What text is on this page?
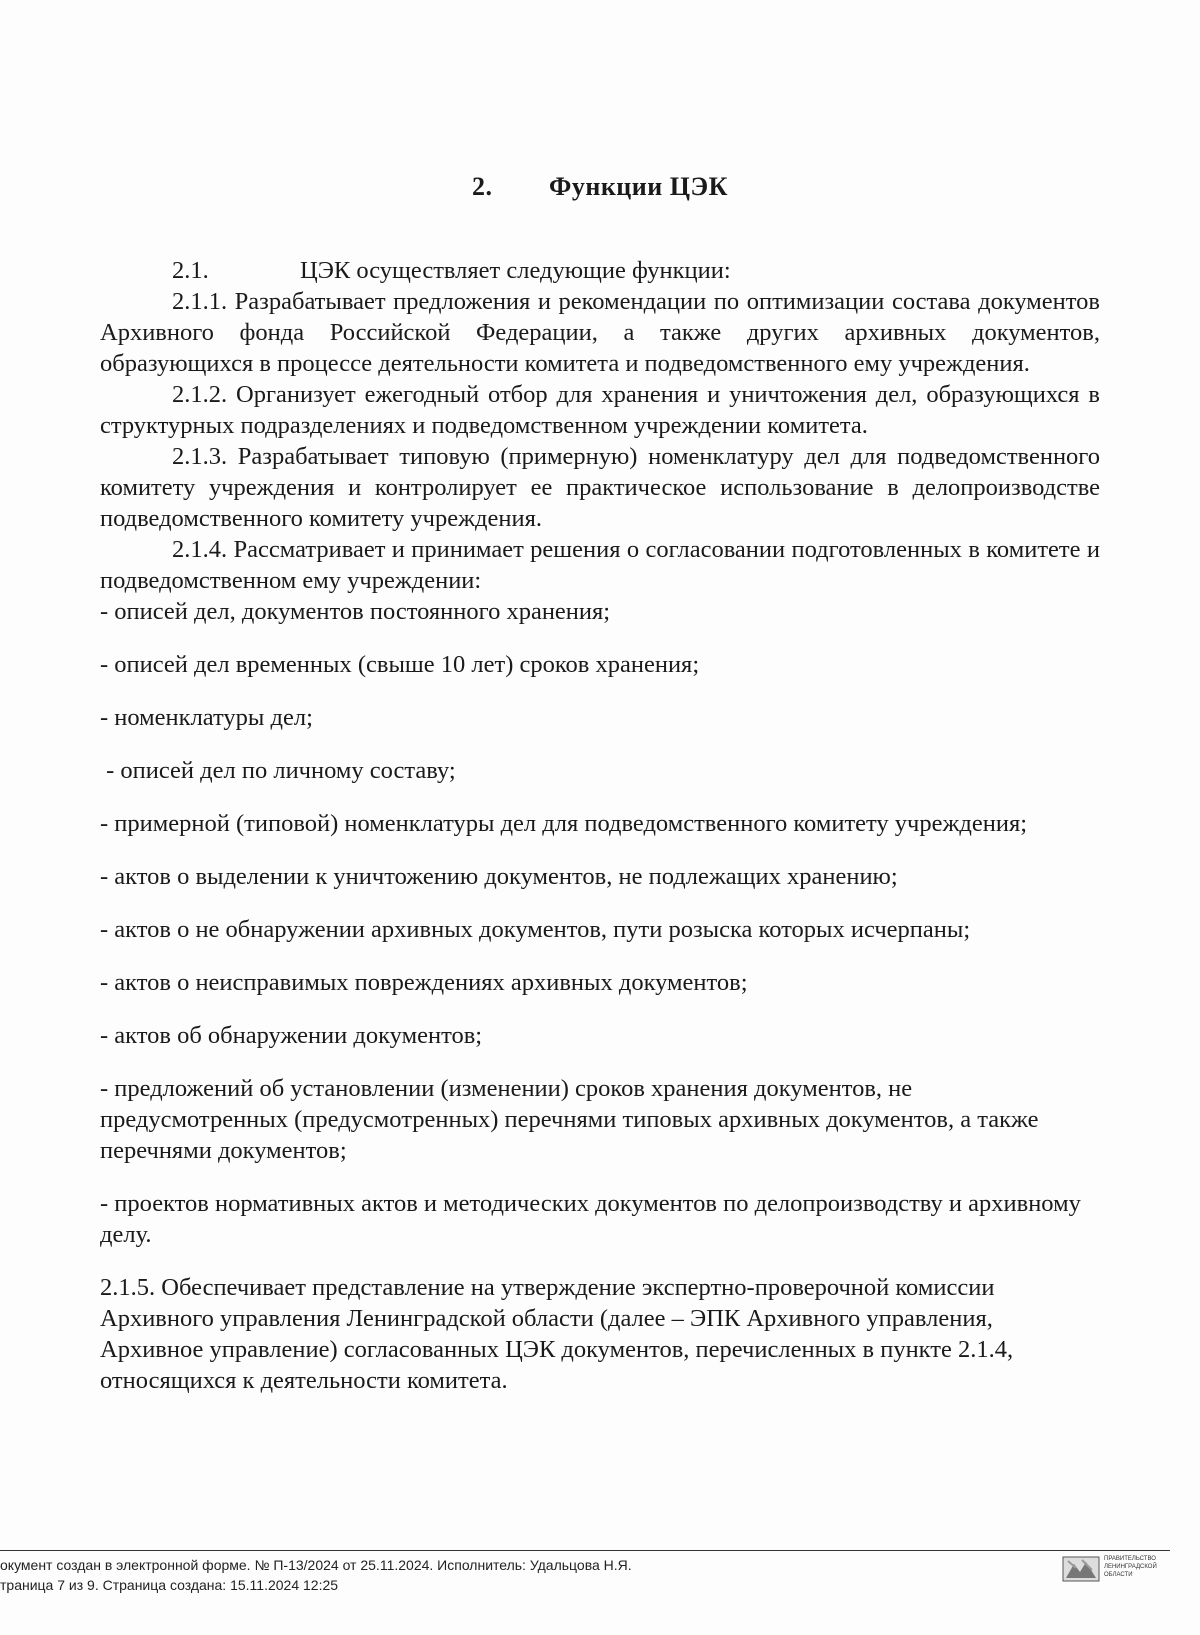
2. Функции ЦЭК

2.1.	ЦЭК осуществляет следующие функции:

2.1.1. Разрабатывает предложения и рекомендации по оптимизации состава документов Архивного фонда Российской Федерации, а также других архивных документов, образующихся в процессе деятельности комитета и подведомственного ему учреждения.

2.1.2. Организует ежегодный отбор для хранения и уничтожения дел, образующихся в структурных подразделениях и подведомственном учреждении комитета.

2.1.3. Разрабатывает типовую (примерную) номенклатуру дел для подведомственного комитету учреждения и контролирует ее практическое использование в делопроизводстве подведомственного комитету учреждения.

2.1.4. Рассматривает и принимает решения о согласовании подготовленных в комитете и подведомственном ему учреждении:

- описей дел, документов постоянного хранения;
- описей дел временных (свыше 10 лет) сроков хранения;
- номенклатуры дел;
- описей дел по личному составу;
- примерной (типовой) номенклатуры дел для подведомственного комитету учреждения;
- актов о выделении к уничтожению документов, не подлежащих хранению;
- актов о не обнаружении архивных документов, пути розыска которых исчерпаны;
- актов о неисправимых повреждениях архивных документов;
- актов об обнаружении документов;
- предложений об установлении (изменении) сроков хранения документов, не предусмотренных (предусмотренных) перечнями типовых архивных документов, а также перечнями документов;
- проектов нормативных актов и методических документов по делопроизводству и архивному делу.

2.1.5. Обеспечивает представление на утверждение экспертно-проверочной комиссии Архивного управления Ленинградской области (далее – ЭПК Архивного управления, Архивное управление) согласованных ЦЭК документов, перечисленных в пункте 2.1.4, относящихся к деятельности комитета.

окумент создан в электронной форме. № П-13/2024 от 25.11.2024. Исполнитель: Удальцова Н.Я.
траница 7 из 9. Страница создана: 15.11.2024 12:25
ПРАВИТЕЛЬСТВО
ЛЕНИНГРАДСКОЙ
ОБЛАСТИ
